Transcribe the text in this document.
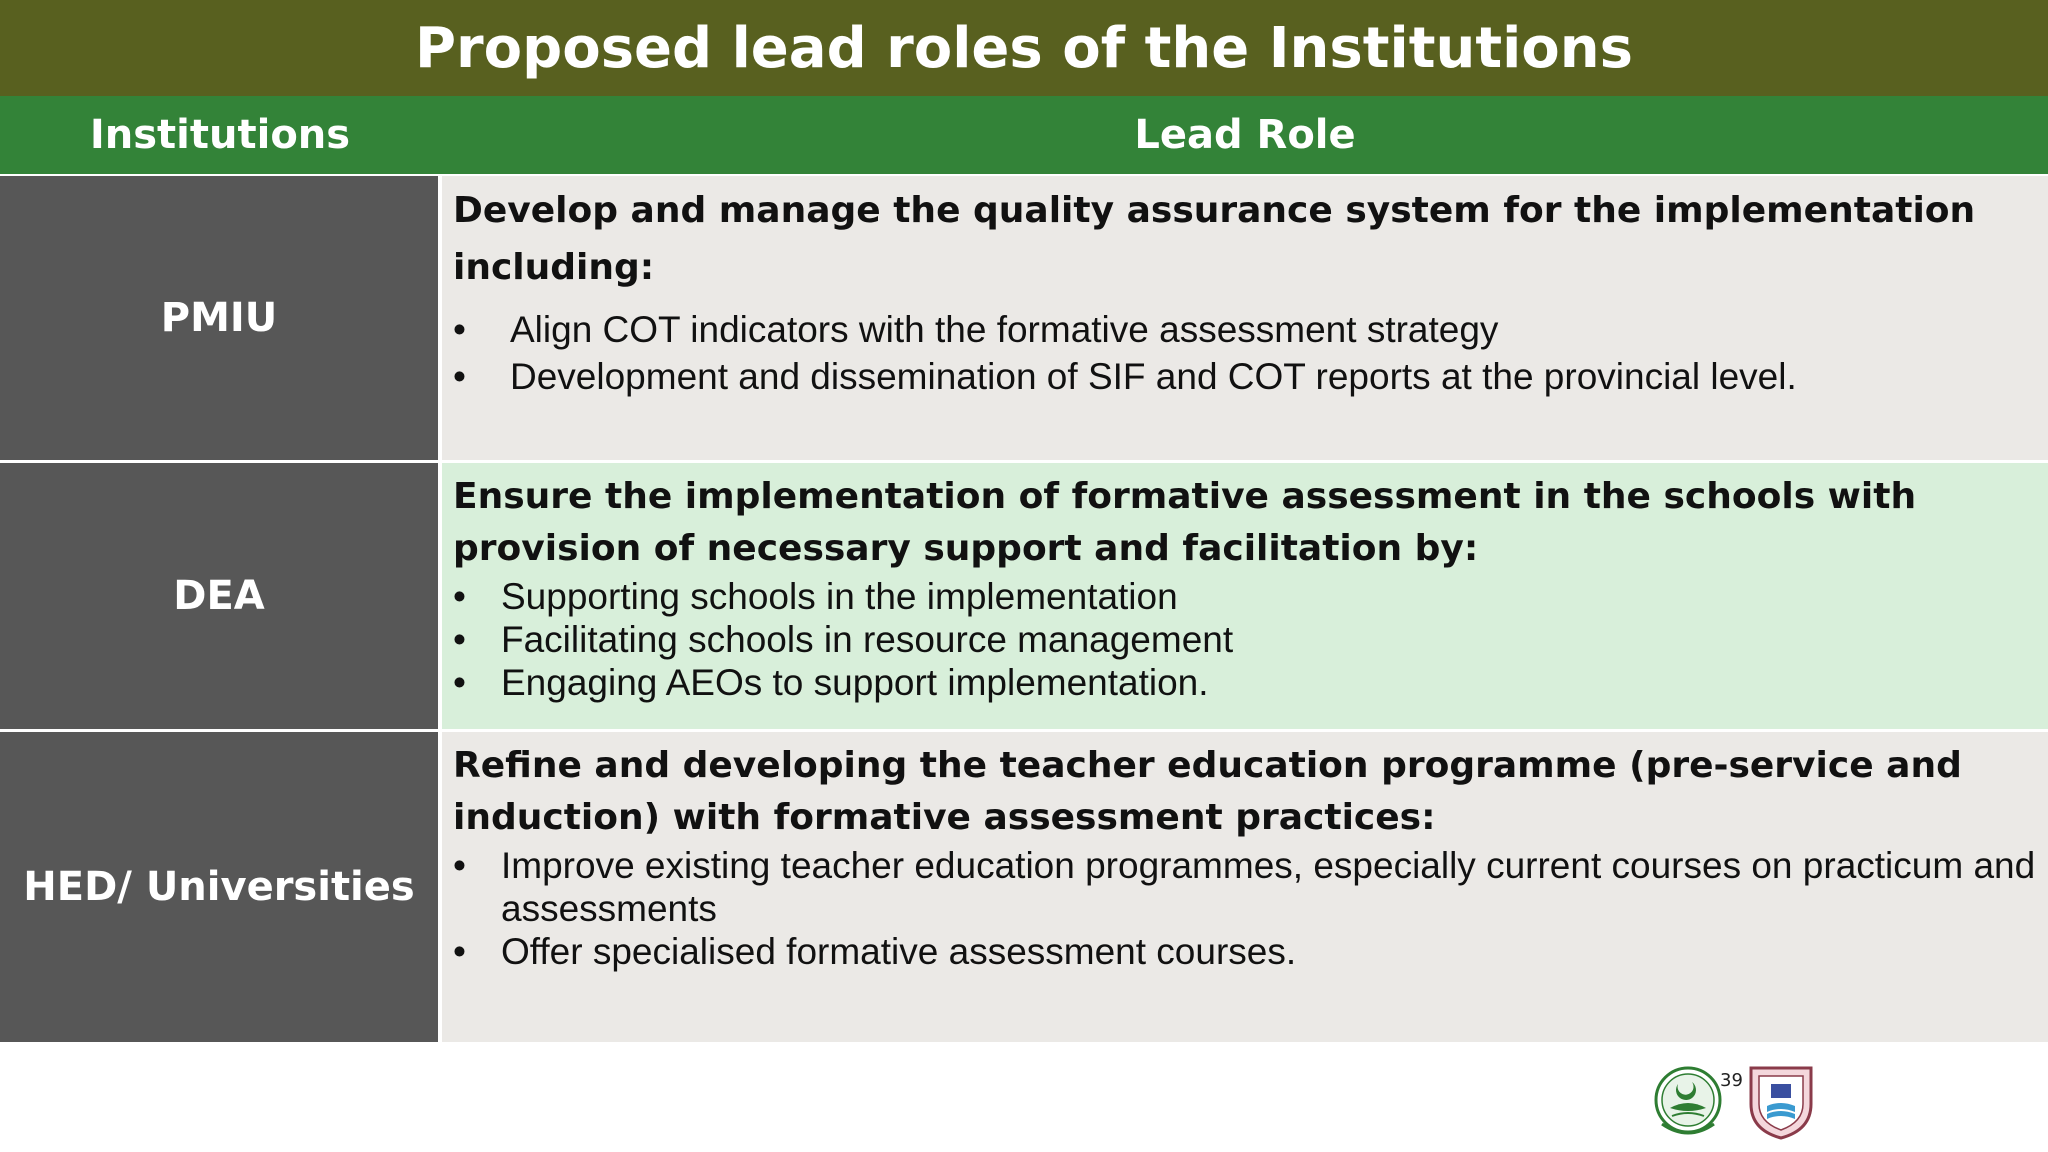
Proposed lead roles of the Institutions
Institutions	Lead Role
PMIU
Develop and manage the quality assurance system for the implementation including:
• Align COT indicators with the formative assessment strategy
• Development and dissemination of SIF and COT reports at the provincial level.
DEA
Ensure the implementation of formative assessment in the schools with provision of necessary support and facilitation by:
• Supporting schools in the implementation
• Facilitating schools in resource management
• Engaging AEOs to support implementation.
HED/ Universities
Refine and developing the teacher education programme (pre-service and induction) with formative assessment practices:
• Improve existing teacher education programmes, especially current courses on practicum and assessments
• Offer specialised formative assessment courses.
39
